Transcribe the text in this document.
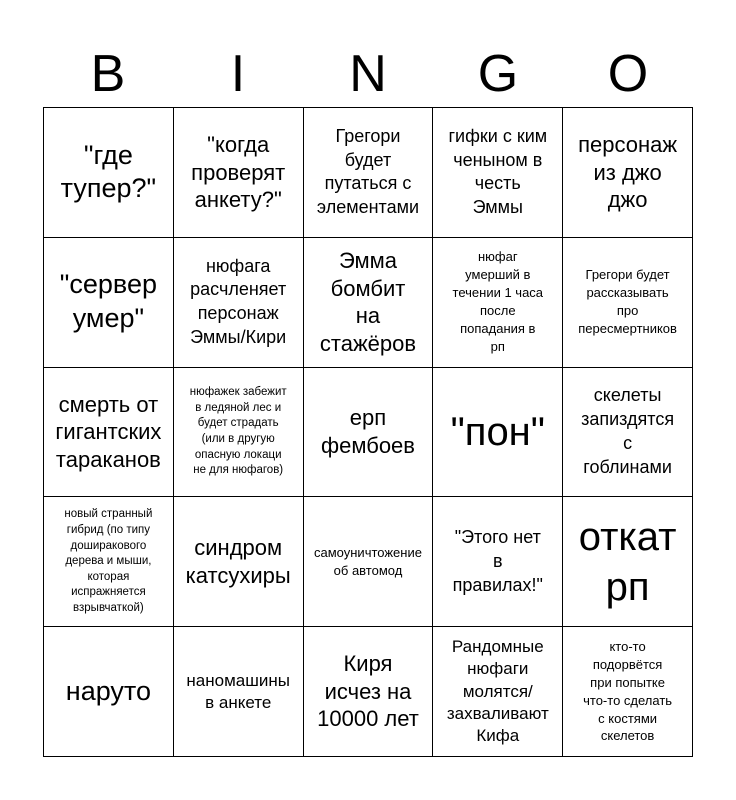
B	I	N	G	O
"где
тупер?"
"когда
проверят
анкету?"
Грегори
будет
путаться с
элементами
гифки с ким
ченыном в
честь
Эммы
персонаж
из джо
джо
"сервер
умер"
нюфага
расчленяет
персонаж
Эммы/Кири
Эмма
бомбит
на
стажёров
нюфаг
умерший в
течении 1 часа
после
попадания в
рп
Грегори будет
рассказывать
про
пересмертников
смерть от
гигантских
тараканов
нюфажек забежит
в ледяной лес и
будет страдать
(или в другую
опасную локаци
не для нюфагов)
ерп
фембоев "пон"
скелеты
запиздятся
с
гоблинами
новый странный
гибрид (по типу
доширакового
дерева и мыши,
которая
испражняется
взрывчаткой)
синдром
катсухиры
самоуничтожение
об автомод
"Этого нет
в
правилах!"
откат
рп
наруто	наномашины
в анкете
Киря
исчез на
10000 лет
Рандомные
нюфаги
молятся/
захваливают
Кифа
кто-то
подорвётся
при попытке
что-то сделать
с костями
скелетов
